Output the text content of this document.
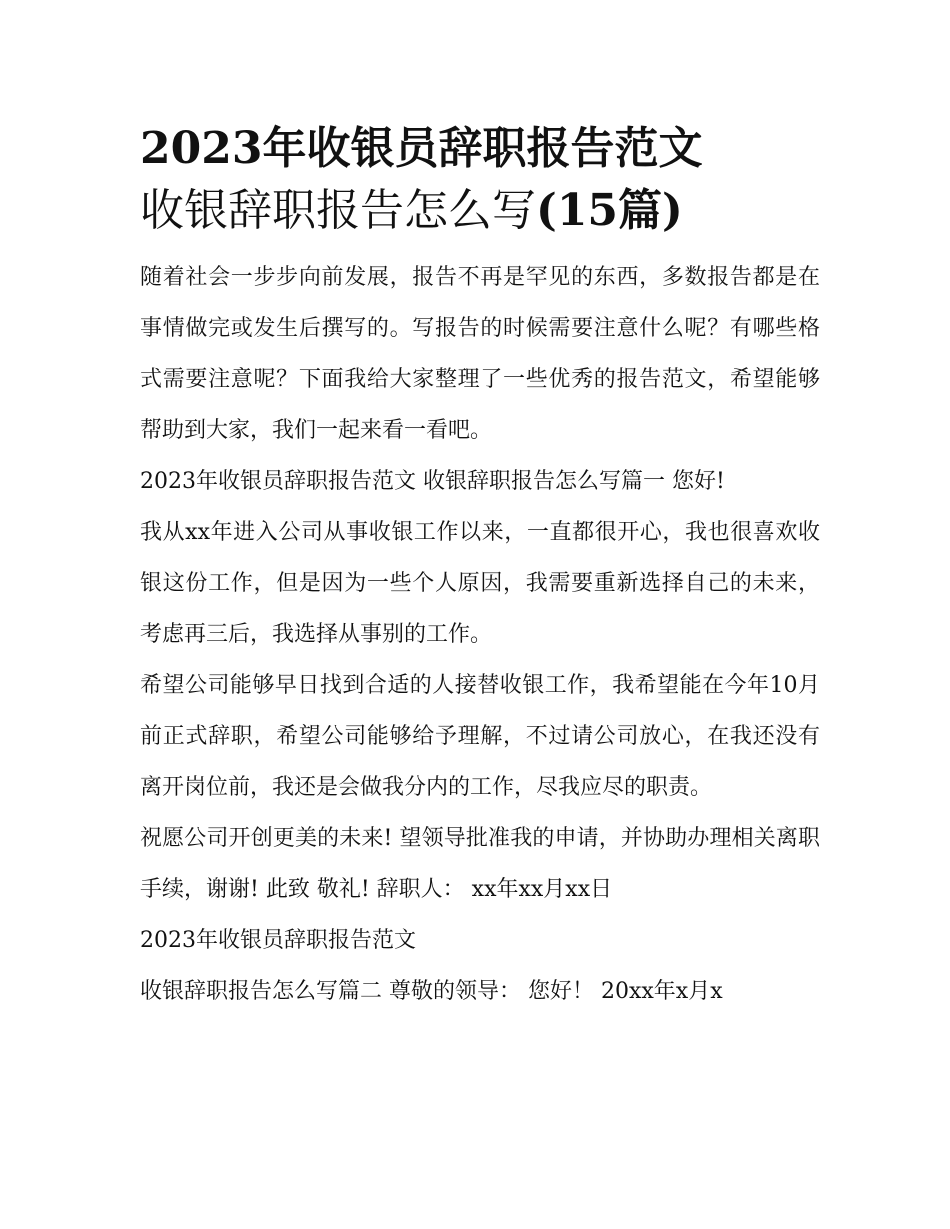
2023年收银员辞职报告范文
收银辞职报告怎么写(15篇)

随着社会一步步向前发展，报告不再是罕见的东西，多数报告都是在事情做完或发生后撰写的。写报告的时候需要注意什么呢？有哪些格式需要注意呢？下面我给大家整理了一些优秀的报告范文，希望能够帮助到大家，我们一起来看一看吧。

2023年收银员辞职报告范文 收银辞职报告怎么写篇一 您好!

我从xx年进入公司从事收银工作以来，一直都很开心，我也很喜欢收银这份工作，但是因为一些个人原因，我需要重新选择自己的未来，考虑再三后，我选择从事别的工作。

希望公司能够早日找到合适的人接替收银工作，我希望能在今年10月前正式辞职，希望公司能够给予理解，不过请公司放心，在我还没有离开岗位前，我还是会做我分内的工作，尽我应尽的职责。

祝愿公司开创更美的未来! 望领导批准我的申请，并协助办理相关离职手续，谢谢! 此致 敬礼! 辞职人： xx年xx月xx日

2023年收银员辞职报告范文

收银辞职报告怎么写篇二 尊敬的领导： 您好！ 20xx年x月x
